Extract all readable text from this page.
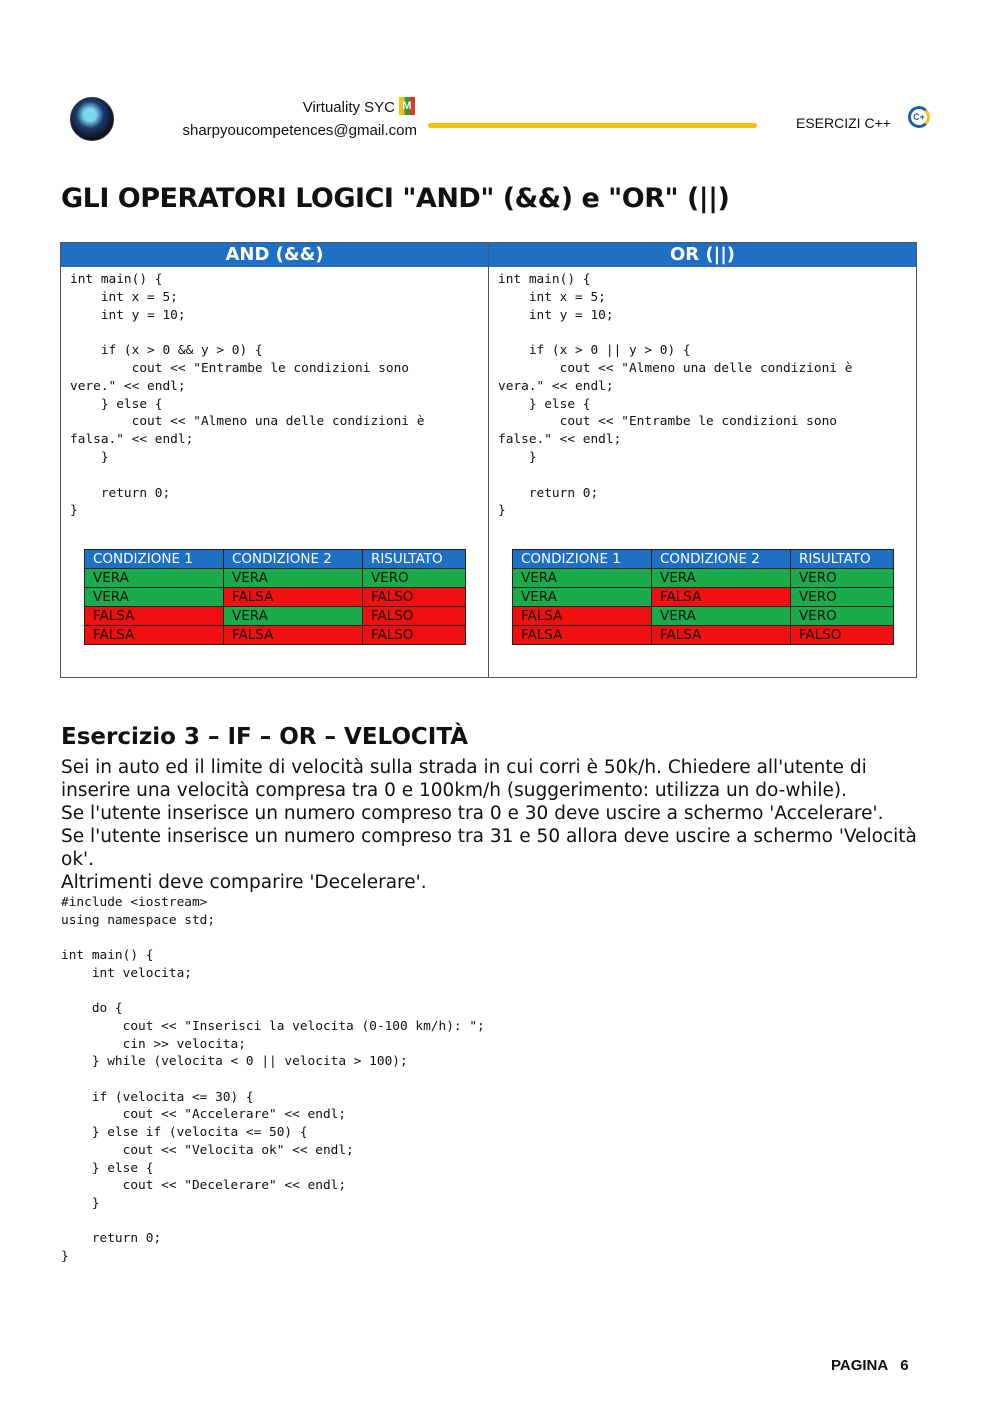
Virtuality SYC M
sharpyoucompetences@gmail.com	ESERCIZI C++	C+
GLI OPERATORI LOGICI "AND" (&&) e "OR" (||)
AND (&&)
int main() {
int x = 5;
int y = 10;

if (x > 0 && y > 0) {
cout << "Entrambe le condizioni sono
vere." << endl;
} else {
cout << "Almeno una delle condizioni è
falsa." << endl;
}

return 0;
}
CONDIZIONE 1	CONDIZIONE 2	RISULTATO
VERA	VERA	VERO
VERA	FALSA	FALSO
FALSA	VERA	FALSO
FALSA	FALSA	FALSO
OR (||)
int main() {
int x = 5;
int y = 10;

if (x > 0 || y > 0) {
cout << "Almeno una delle condizioni è
vera." << endl;
} else {
cout << "Entrambe le condizioni sono
false." << endl;
}

return 0;
}
CONDIZIONE 1	CONDIZIONE 2	RISULTATO
VERA	VERA	VERO
VERA	FALSA	VERO
FALSA	VERA	VERO
FALSA	FALSA	FALSO
Esercizio 3 – IF – OR – VELOCITÀ

Sei in auto ed il limite di velocità sulla strada in cui corri è 50k/h. Chiedere all'utente di inserire una velocità compresa tra 0 e 100km/h (suggerimento: utilizza un do-while).

Se l'utente inserisce un numero compreso tra 0 e 30 deve uscire a schermo 'Accelerare'.

Se l'utente inserisce un numero compreso tra 31 e 50 allora deve uscire a schermo 'Velocità ok'.

Altrimenti deve comparire 'Decelerare'.

#include <iostream>
using namespace std;

int main() {
int velocita;

do {
cout << "Inserisci la velocita (0-100 km/h): ";
cin >> velocita;
} while (velocita < 0 || velocita > 100);

if (velocita <= 30) {
cout << "Accelerare" << endl;
} else if (velocita <= 50) {
cout << "Velocita ok" << endl;
} else {
cout << "Decelerare" << endl;
}

return 0;
}
PAGINA 6
